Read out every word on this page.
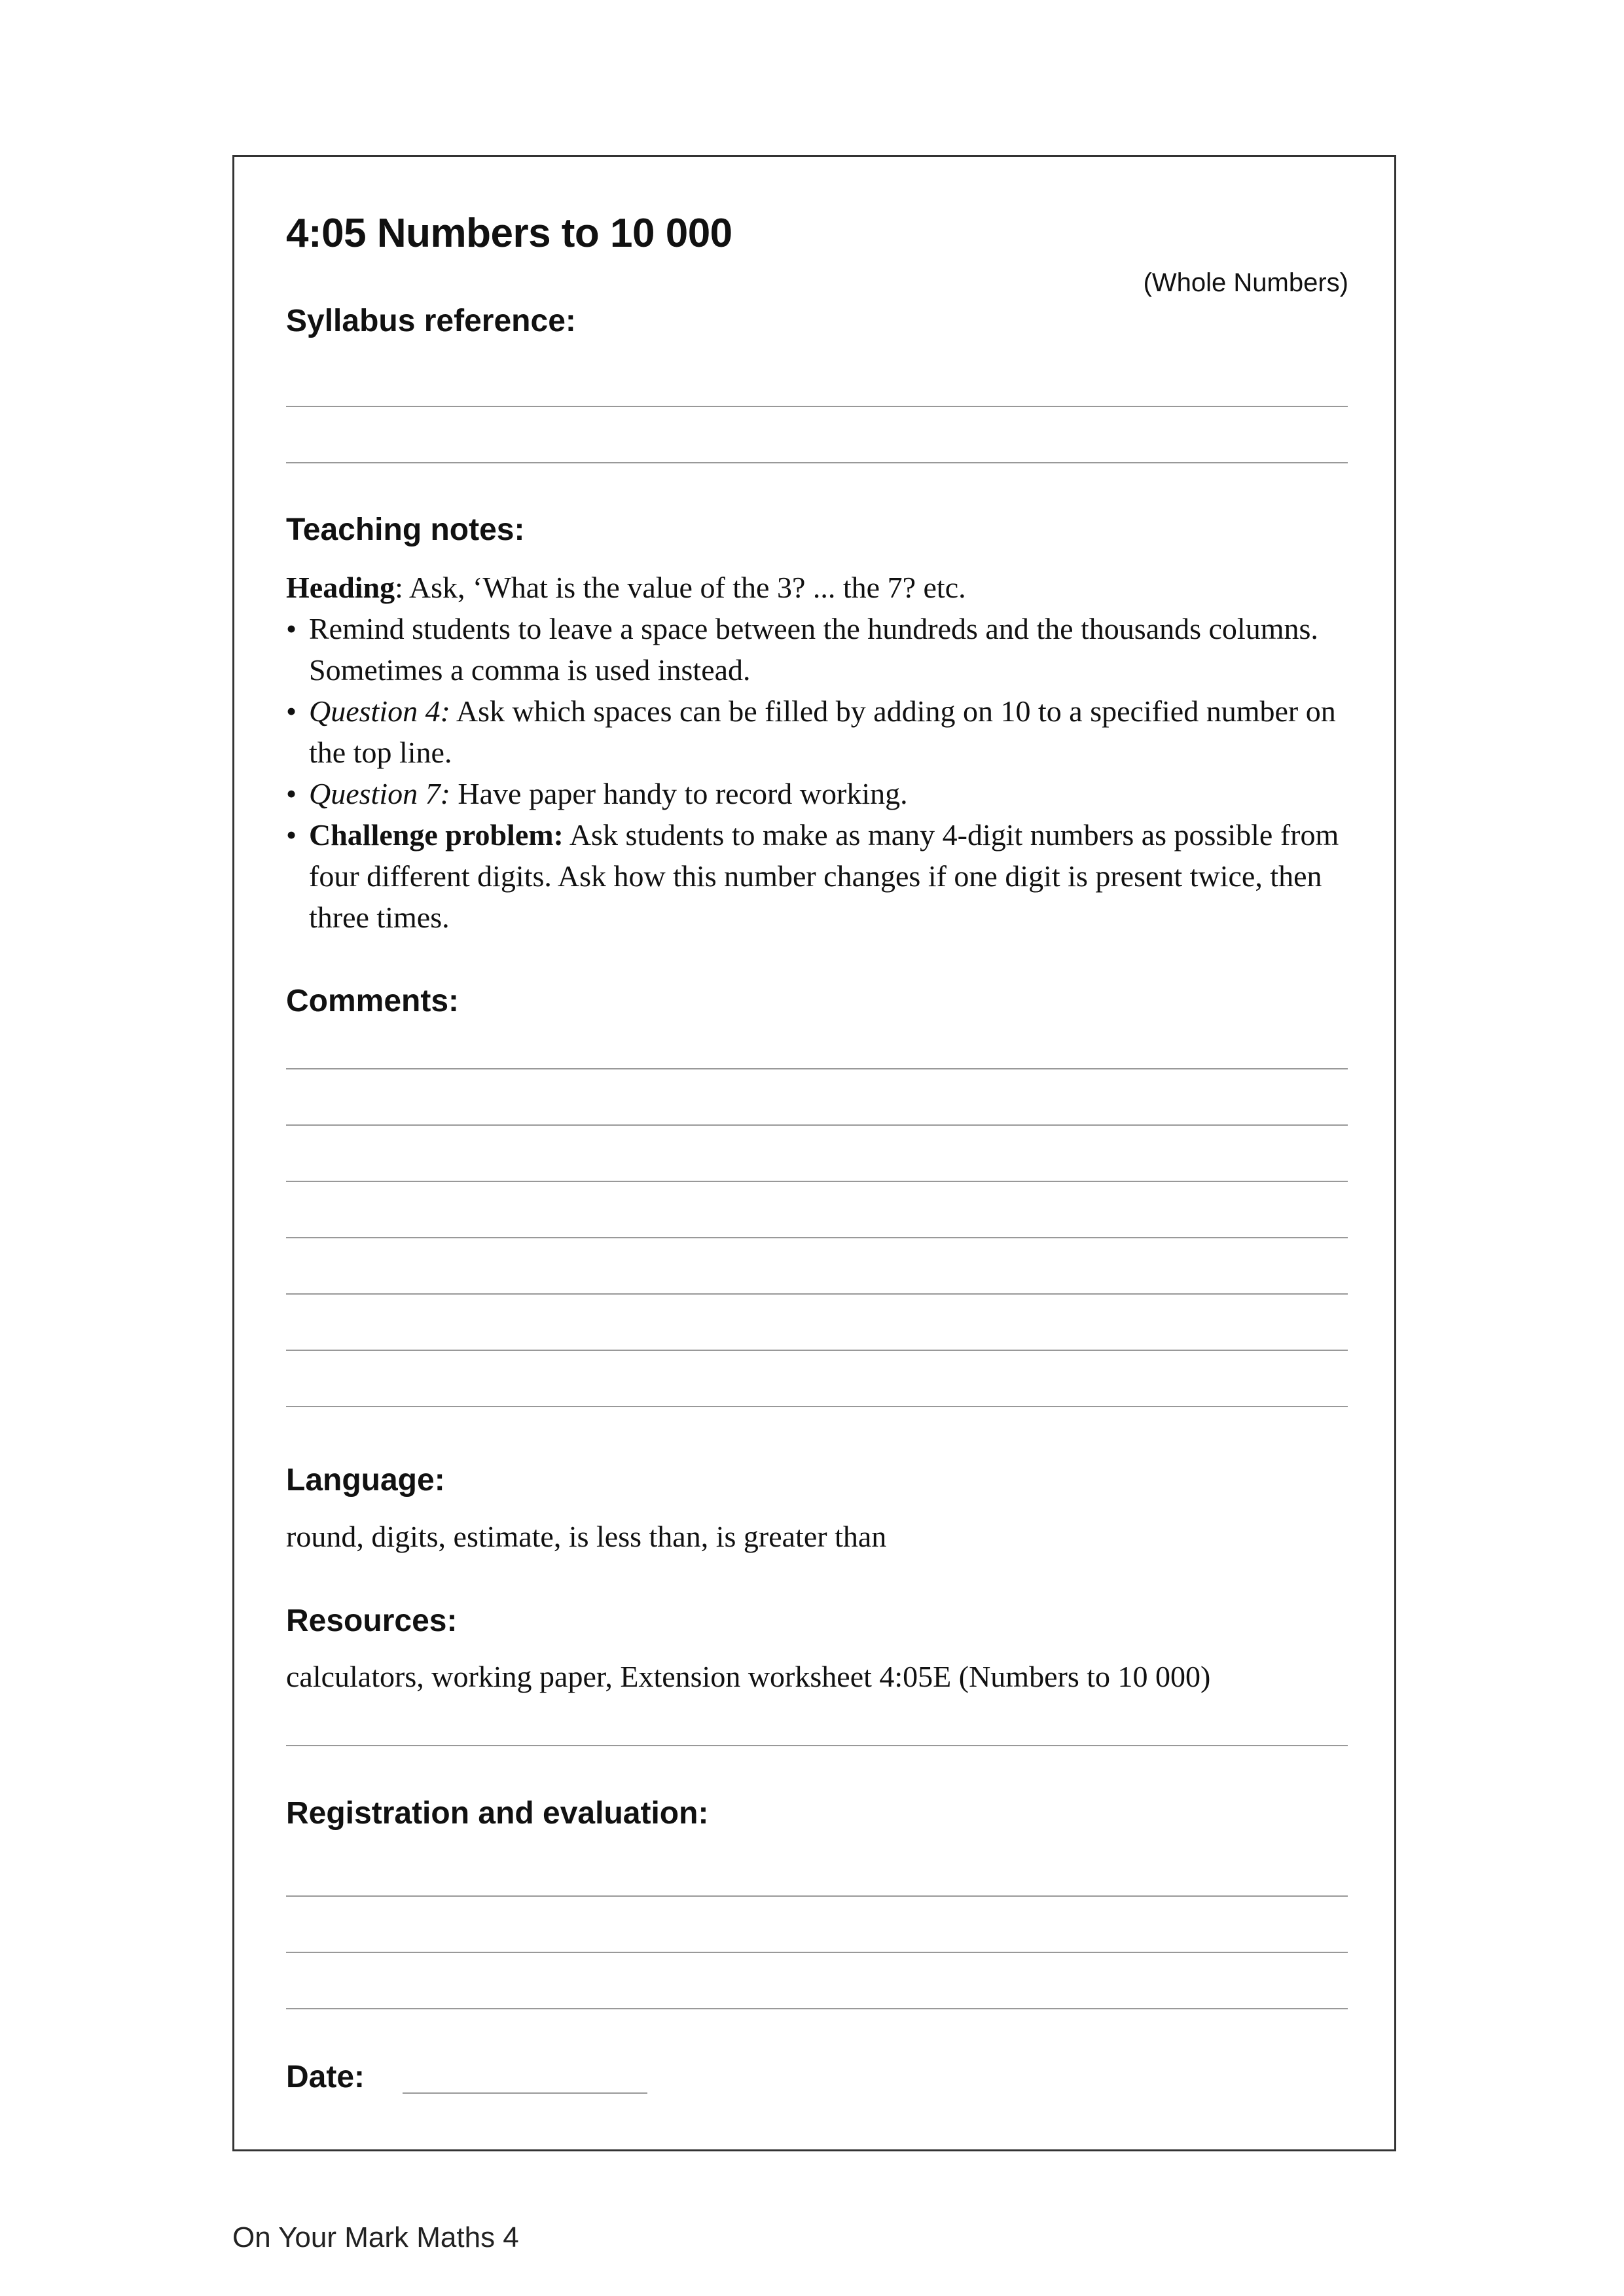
4:05 Numbers to 10 000
(Whole Numbers)
Syllabus reference:
Teaching notes:

Heading: Ask, ‘What is the value of the 3? ... the 7? etc.

• Remind students to leave a space between the hundreds and the thousands columns. Sometimes a comma is used instead.
• Question 4: Ask which spaces can be filled by adding on 10 to a specified number on the top line.
• Question 7: Have paper handy to record working.
• Challenge problem: Ask students to make as many 4-digit numbers as possible from four different digits. Ask how this number changes if one digit is present twice, then three times.
Comments:
Language:
round, digits, estimate, is less than, is greater than
Resources:
calculators, working paper, Extension worksheet 4:05E (Numbers to 10 000)
Registration and evaluation:
Date:
On Your Mark Maths 4
